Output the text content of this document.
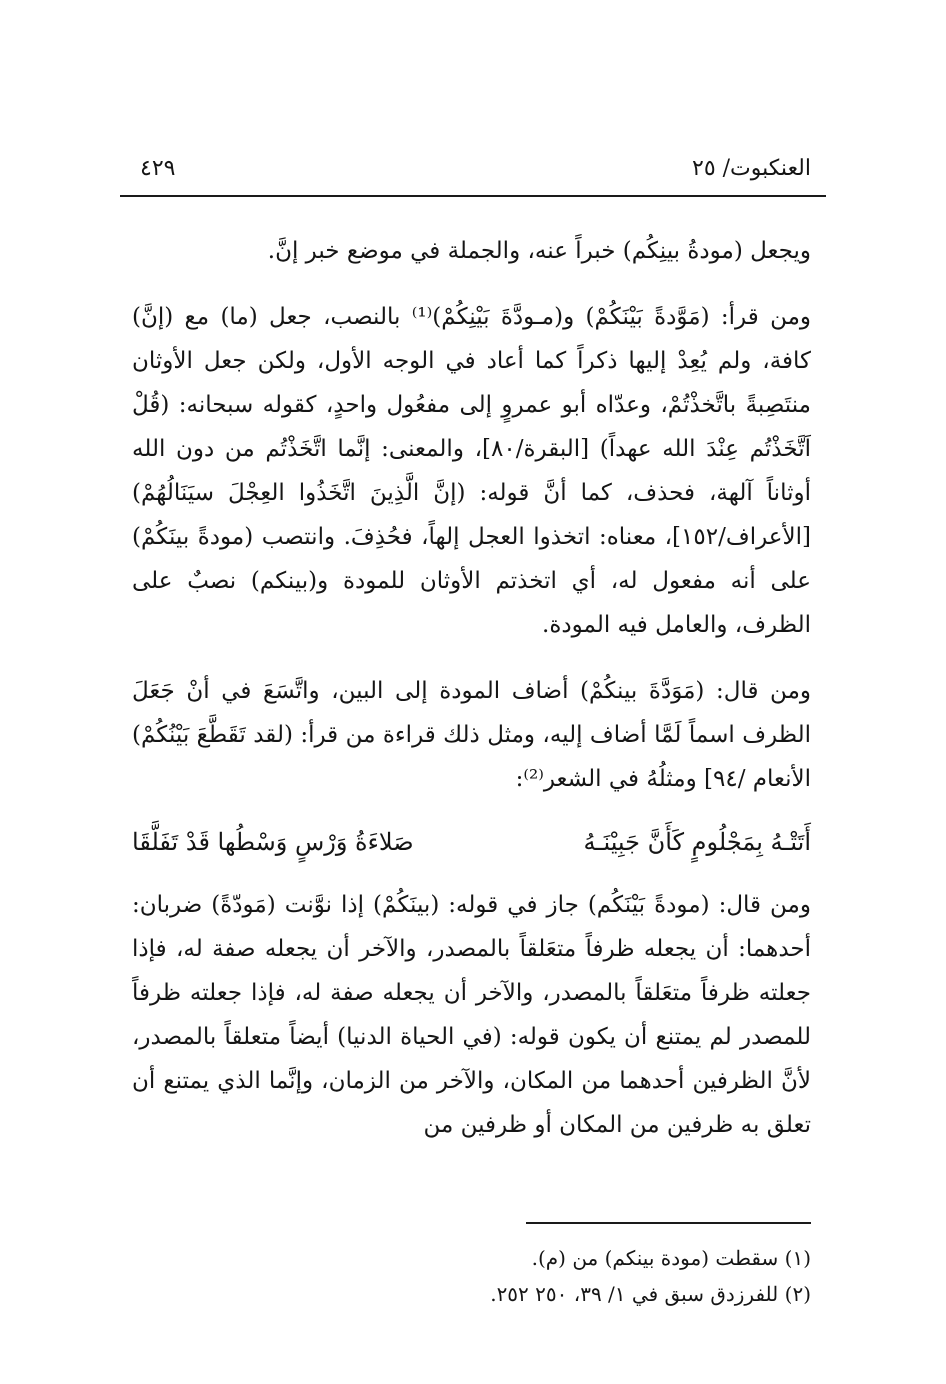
العنكبوت/ ٢٥
٤٢٩

ويجعل (مودةُ بينِكُم) خبراً عنه، والجملة في موضع خبر إنَّ.

ومن قرأ: (مَوَّدةً بَيْنَكُمْ) و(مـودَّةَ بَيْنِكُمْ)⁽¹⁾ بالنصب، جعل (ما) مع (إنَّ) كافة، ولم يُعِدْ إليها ذكراً كما أعاد في الوجه الأول، ولكن جعل الأوثان منتَصِبةً باتَّخذْتُمْ، وعدّاه أبو عمروٍ إلى مفعُول واحدٍ، كقوله سبحانه: (قُلْ اَتَّخَذْتُم عِنْدَ الله عهداً) [البقرة/٨٠]، والمعنى: إنَّما اتَّخَذْتُم من دون الله أوثاناً آلهة، فحذف، كما أنَّ قوله: (إنَّ الَّذِينَ اتَّخَذُوا العِجْلَ سيَنَالُهُمْ) [الأعراف/١٥٢]، معناه: اتخذوا العجل إلهاً، فحُذِفَ. وانتصب (مودةً بينَكُمْ) على أنه مفعول له، أي اتخذتم الأوثان للمودة و(بينكم) نصبٌ على الظرف، والعامل فيه المودة.

ومن قال: (مَوَدَّةَ بينكُمْ) أضاف المودة إلى البين، واتَّسَعَ في أنْ جَعَلَ الظرف اسماً لَمَّا أضاف إليه، ومثل ذلك قراءة من قرأ: (لقد تَقَطَّعَ بَيْنُكُمْ) الأنعام /٩٤] ومثلُهُ في الشعر⁽²⁾:

أَتَتْـهُ بِمَجْلُومٍ كَأَنَّ جَبِيْنَـهُ
صَلاءَةُ وَرْسٍ وَسْطُها قَدْ تَفَلَّقَا

ومن قال: (مودةً بَيْنَكُم) جاز في قوله: (بينَكُمْ) إذا نوَّنت (مَودّةً) ضربان: أحدهما: أن يجعله ظرفاً متعَلقاً بالمصدر، والآخر أن يجعله صفة له، فإذا جعلته ظرفاً متعَلقاً بالمصدر، والآخر أن يجعله صفة له، فإذا جعلته ظرفاً للمصدر لم يمتنع أن يكون قوله: (في الحياة الدنيا) أيضاً متعلقاً بالمصدر، لأنَّ الظرفين أحدهما من المكان، والآخر من الزمان، وإنَّما الذي يمتنع أن تعلق به ظرفين من المكان أو ظرفين من

(١) سقطت (مودة بينكم) من (م).
(٢) للفرزدق سبق في ١/ ٣٩، ٢٥٠ ٢٥٢.
